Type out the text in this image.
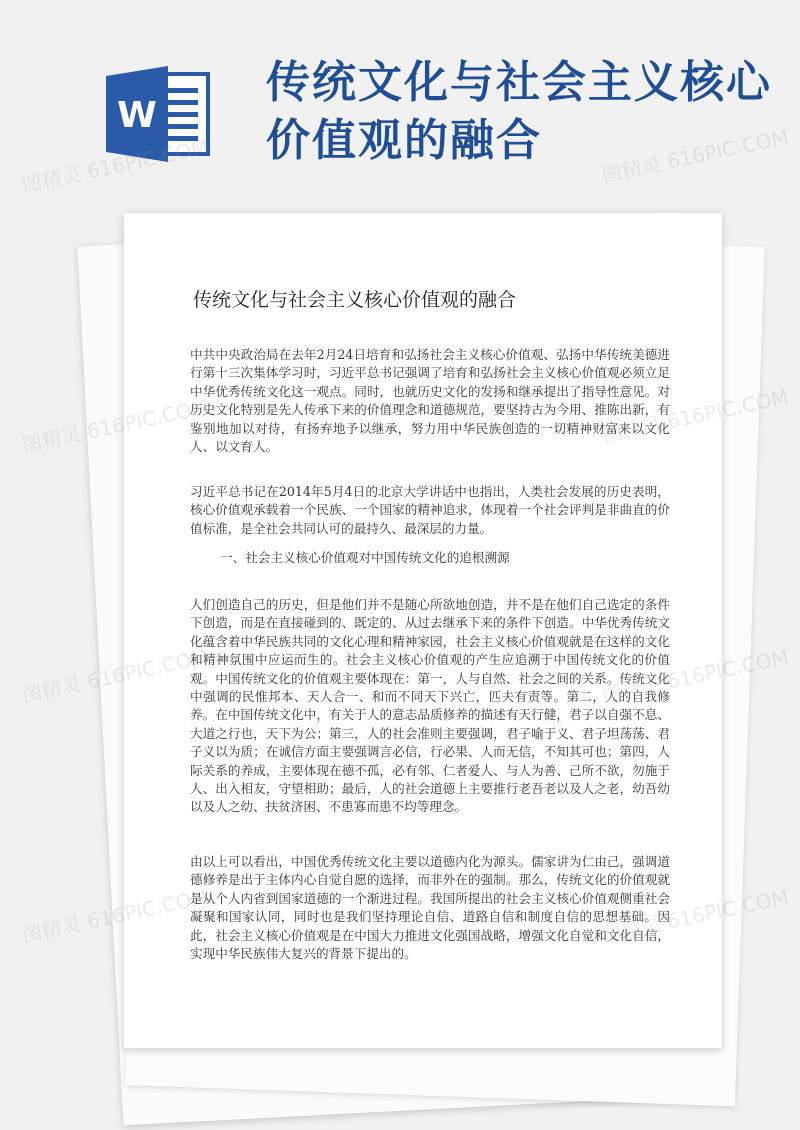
W
传统文化与社会主义核心价值观的融合
传统文化与社会主义核心价值观的融合

中共中央政治局在去年2月24日培育和弘扬社会主义核心价值观、弘扬中华传统美德进行第十三次集体学习时，习近平总书记强调了培育和弘扬社会主义核心价值观必须立足中华优秀传统文化这一观点。同时，也就历史文化的发扬和继承提出了指导性意见。对历史文化特别是先人传承下来的价值理念和道德规范，要坚持古为今用、推陈出新，有鉴别地加以对待，有扬弃地予以继承，努力用中华民族创造的一切精神财富来以文化人、以文育人。

习近平总书记在2014年5月4日的北京大学讲话中也指出，人类社会发展的历史表明，核心价值观承载着一个民族、一个国家的精神追求，体现着一个社会评判是非曲直的价值标准，是全社会共同认可的最持久、最深层的力量。

一、社会主义核心价值观对中国传统文化的追根溯源

人们创造自己的历史，但是他们并不是随心所欲地创造，并不是在他们自己选定的条件下创造，而是在直接碰到的、既定的、从过去继承下来的条件下创造。中华优秀传统文化蕴含着中华民族共同的文化心理和精神家园，社会主义核心价值观就是在这样的文化和精神氛围中应运而生的。社会主义核心价值观的产生应追溯于中国传统文化的价值观。中国传统文化的价值观主要体现在：第一，人与自然、社会之间的关系。传统文化中强调的民惟邦本、天人合一、和而不同天下兴亡，匹夫有责等。第二，人的自我修养。在中国传统文化中，有关于人的意志品质修养的描述有天行健，君子以自强不息、大道之行也，天下为公；第三，人的社会准则主要强调，君子喻于义、君子坦荡荡、君子义以为质；在诚信方面主要强调言必信，行必果、人而无信，不知其可也；第四，人际关系的养成，主要体现在德不孤，必有邻、仁者爱人、与人为善、己所不欲，勿施于人、出入相友，守望相助；最后，人的社会道德上主要推行老吾老以及人之老，幼吾幼以及人之幼、扶贫济困、不患寡而患不均等理念。

由以上可以看出，中国优秀传统文化主要以道德内化为源头。儒家讲为仁由己，强调道德修养是出于主体内心自觉自愿的选择，而非外在的强制。那么，传统文化的价值观就是从个人内省到国家道德的一个渐进过程。我国所提出的社会主义核心价值观侧重社会凝聚和国家认同，同时也是我们坚持理论自信、道路自信和制度自信的思想基础。因此，社会主义核心价值观是在中国大力推进文化强国战略，增强文化自觉和文化自信，实现中华民族伟大复兴的背景下提出的。

图精灵 616PIC.COM	图精灵 616PIC.COM
图精灵 616PIC.COM	图精灵 616PIC.COM
图精灵 616PIC.COM	图精灵 616PIC.COM
图精灵 616PIC.COM	图精灵 616PIC.COM
